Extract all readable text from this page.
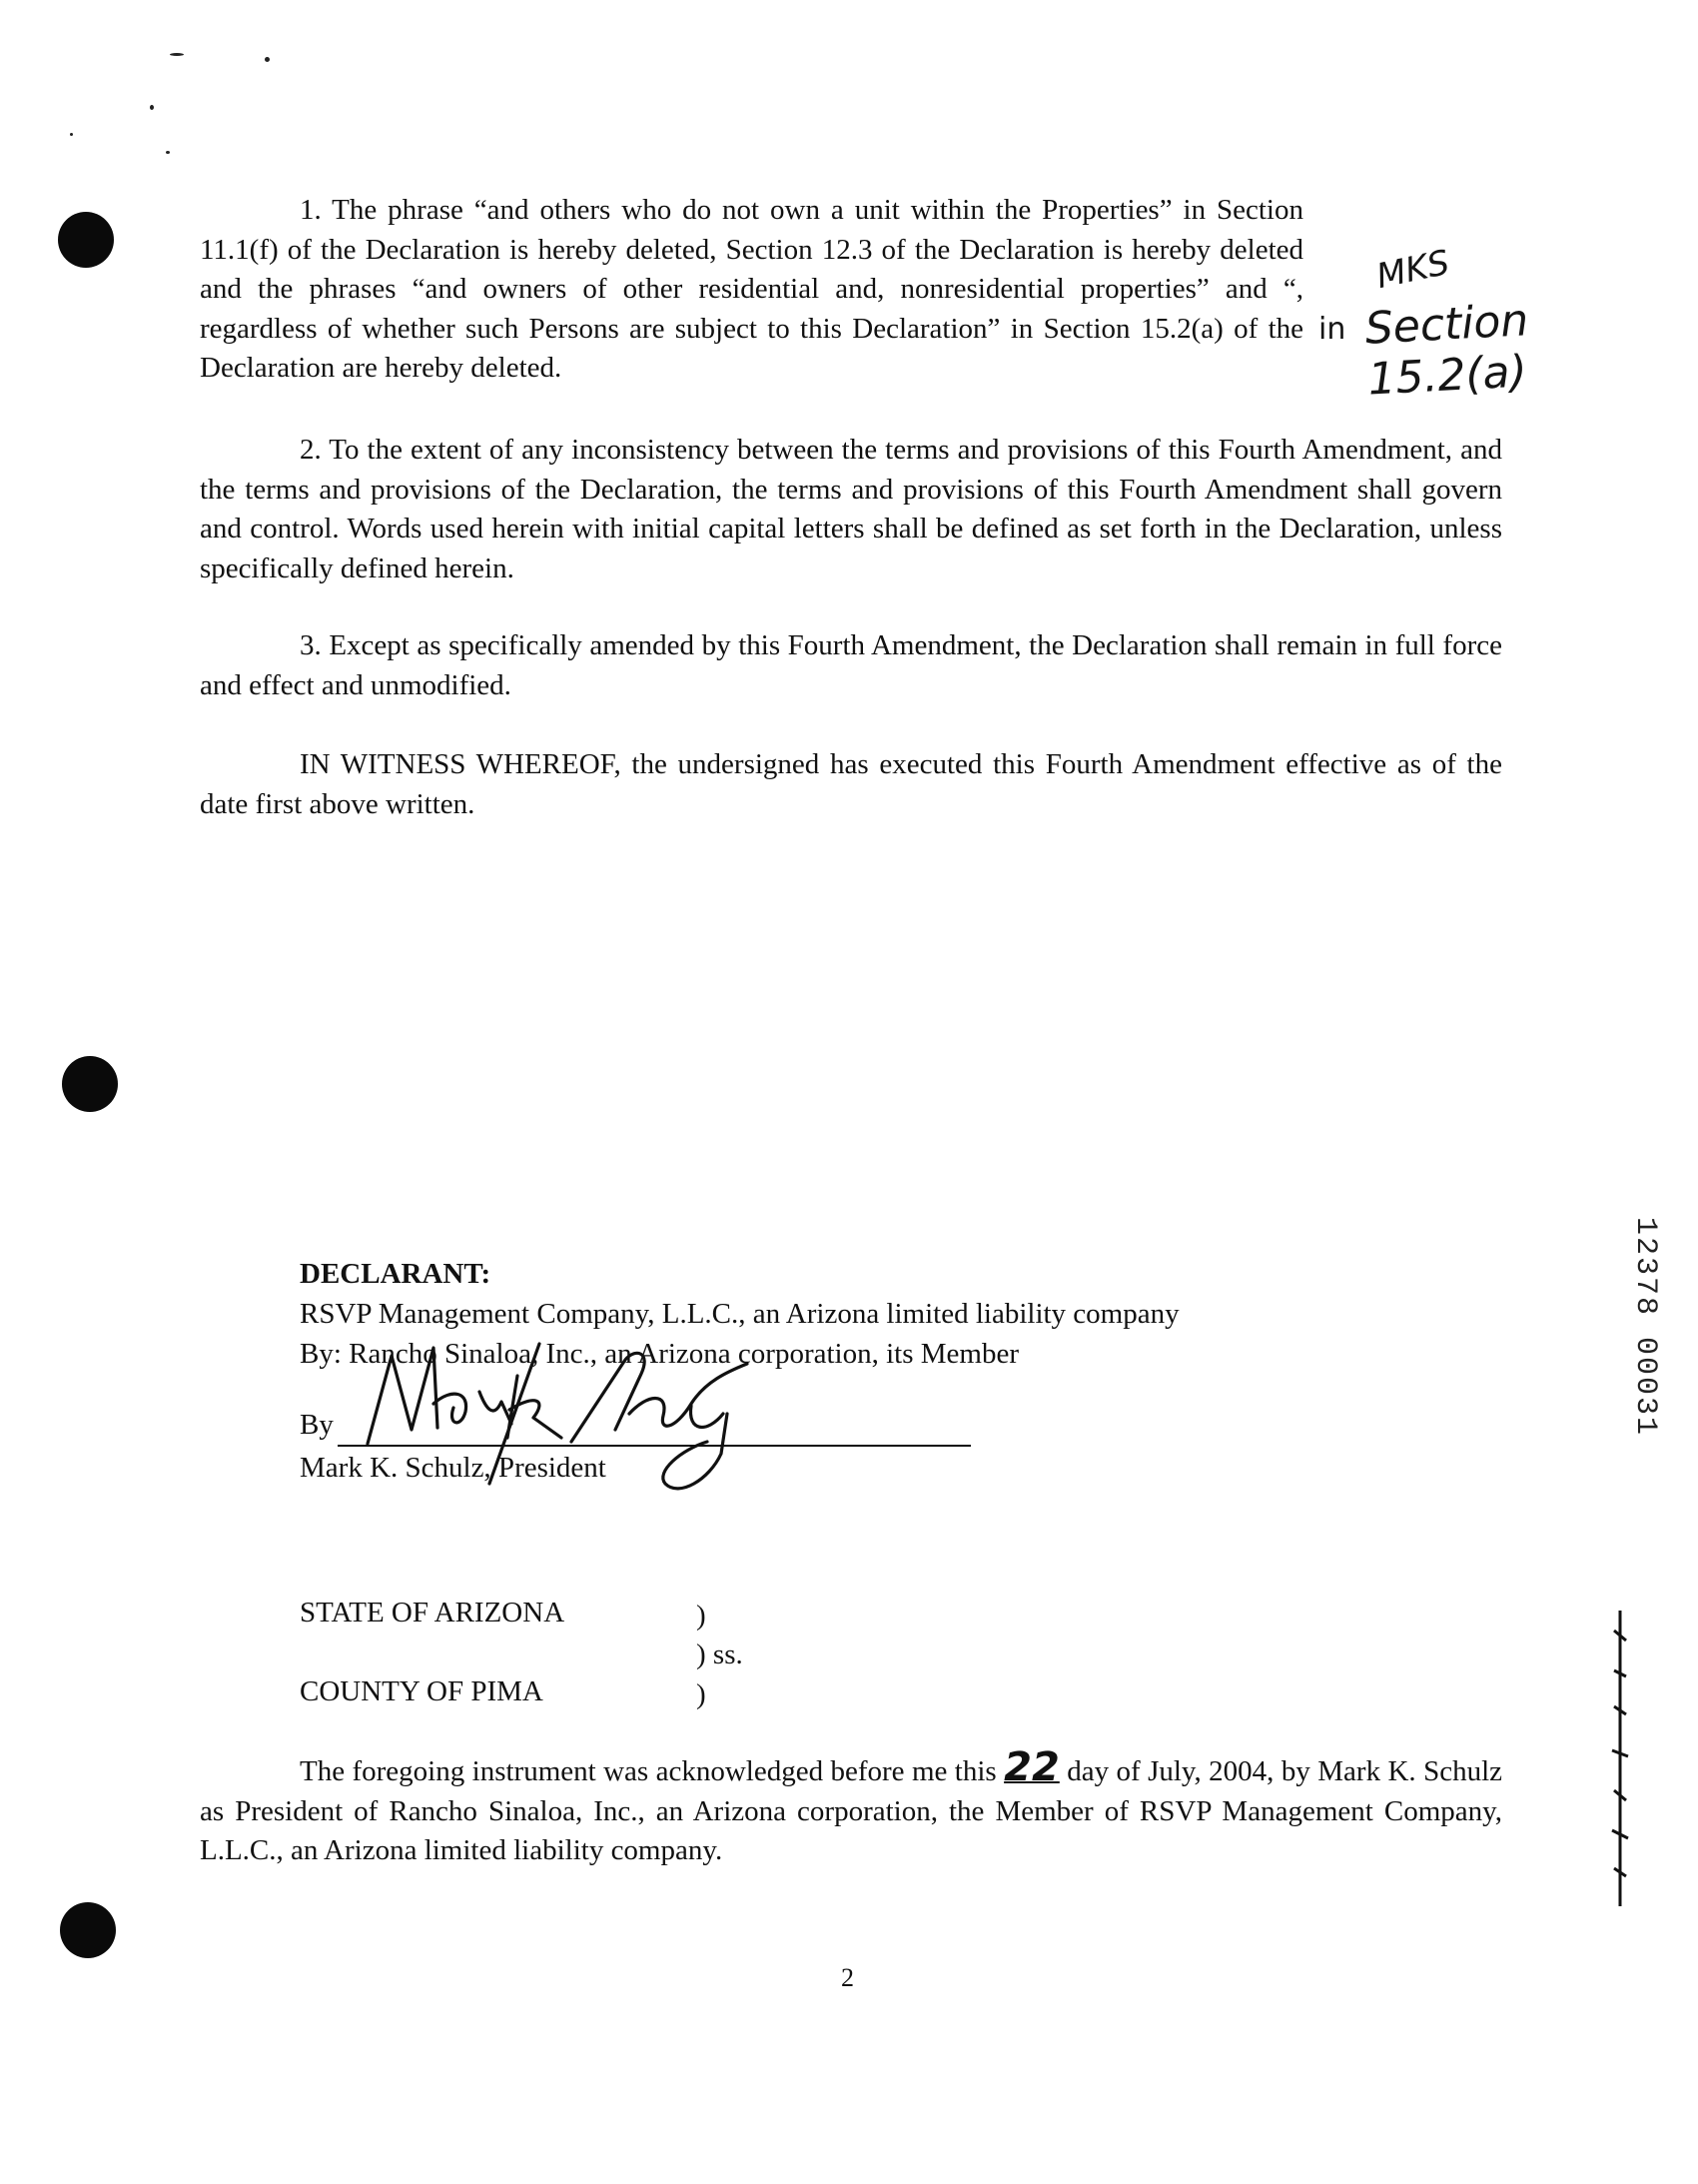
1. The phrase “and others who do not own a unit within the Properties” in Section 11.1(f) of the Declaration is hereby deleted, Section 12.3 of the Declaration is hereby deleted and the phrases “and owners of other residential and, nonresidential properties” and “, regardless of whether such Persons are subject to this Declaration” in Section 15.2(a) of the Declaration are hereby deleted.

MKS
in Section 15.2(a)

2. To the extent of any inconsistency between the terms and provisions of this Fourth Amendment, and the terms and provisions of the Declaration, the terms and provisions of this Fourth Amendment shall govern and control. Words used herein with initial capital letters shall be defined as set forth in the Declaration, unless specifically defined herein.

3. Except as specifically amended by this Fourth Amendment, the Declaration shall remain in full force and effect and unmodified.

IN WITNESS WHEREOF, the undersigned has executed this Fourth Amendment effective as of the date first above written.

DECLARANT:
RSVP Management Company, L.L.C., an Arizona limited liability company
By: Rancho Sinaloa, Inc., an Arizona corporation, its Member
By
Mark K. Schulz, President
STATE OF ARIZONA	)
) ss.
COUNTY OF PIMA	)

The foregoing instrument was acknowledged before me this 22 day of July, 2004, by Mark K. Schulz as President of Rancho Sinaloa, Inc., an Arizona corporation, the Member of RSVP Management Company, L.L.C., an Arizona limited liability company.

2
12378 00031
